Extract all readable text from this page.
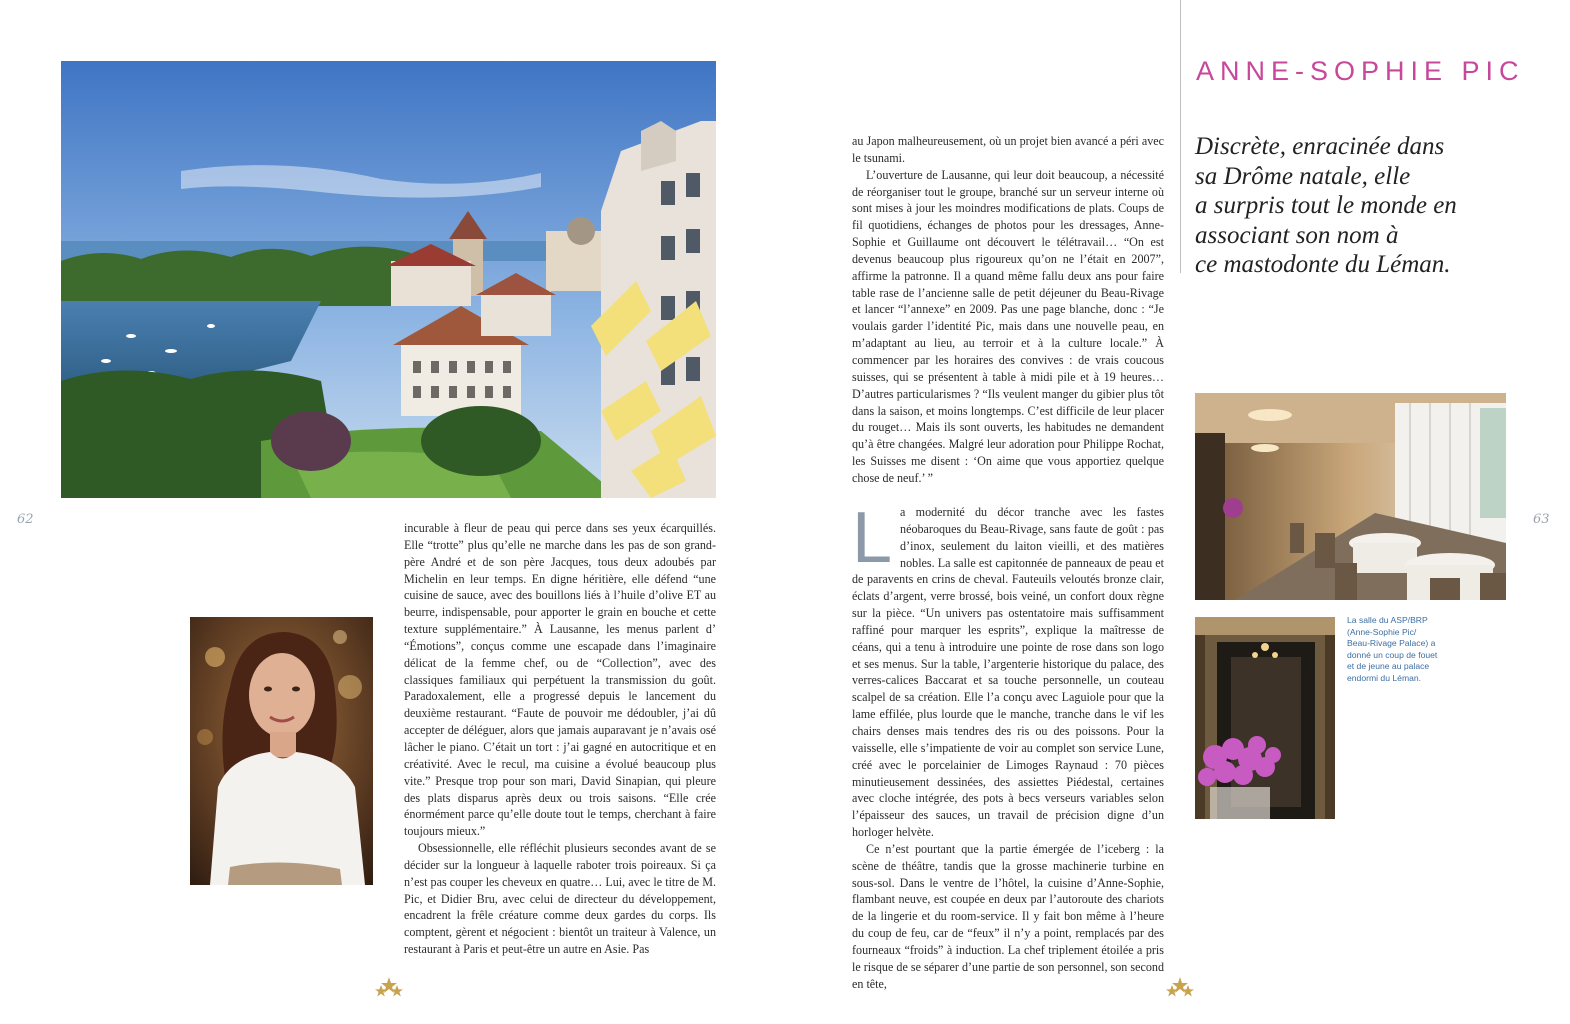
62

incurable à fleur de peau qui perce dans ses yeux écarquillés. Elle “trotte” plus qu’elle ne marche dans les pas de son grand-père André et de son père Jacques, tous deux adoubés par Michelin en leur temps. En digne héritière, elle défend “une cuisine de sauce, avec des bouillons liés à l’huile d’olive ET au beurre, indispensable, pour apporter le grain en bouche et cette texture supplémentaire.” À Lausanne, les menus parlent d’ “Émotions”, conçus comme une escapade dans l’imaginaire délicat de la femme chef, ou de “Collection”, avec des classiques familiaux qui perpétuent la transmission du goût. Paradoxalement, elle a progressé depuis le lancement du deuxième restaurant. “Faute de pouvoir me dédoubler, j’ai dû accepter de déléguer, alors que jamais auparavant je n’avais osé lâcher le piano. C’était un tort : j’ai gagné en autocritique et en créativité. Avec le recul, ma cuisine a évolué beaucoup plus vite.” Presque trop pour son mari, David Sinapian, qui pleure des plats disparus après deux ou trois saisons. “Elle crée énormément parce qu’elle doute tout le temps, cherchant à faire toujours mieux.”

Obsessionnelle, elle réfléchit plusieurs secondes avant de se décider sur la longueur à laquelle raboter trois poireaux. Si ça n’est pas couper les cheveux en quatre… Lui, avec le titre de M. Pic, et Didier Bru, avec celui de directeur du développement, encadrent la frêle créature comme deux gardes du corps. Ils comptent, gèrent et négocient : bientôt un traiteur à Valence, un restaurant à Paris et peut-être un autre en Asie. Pas

au Japon malheureusement, où un projet bien avancé a péri avec le tsunami.

L’ouverture de Lausanne, qui leur doit beaucoup, a nécessité de réorganiser tout le groupe, branché sur un serveur interne où sont mises à jour les moindres modifications de plats. Coups de fil quotidiens, échanges de photos pour les dressages, Anne-Sophie et Guillaume ont découvert le télétravail… “On est devenus beaucoup plus rigoureux qu’on ne l’était en 2007”, affirme la patronne. Il a quand même fallu deux ans pour faire table rase de l’ancienne salle de petit déjeuner du Beau-Rivage et lancer “l’annexe” en 2009. Pas une page blanche, donc : “Je voulais garder l’identité Pic, mais dans une nouvelle peau, en m’adaptant au lieu, au terroir et à la culture locale.” À commencer par les horaires des convives : de vrais coucous suisses, qui se présentent à table à midi pile et à 19 heures… D’autres particularismes ? “Ils veulent manger du gibier plus tôt dans la saison, et moins longtemps. C’est difficile de leur placer du rouget… Mais ils sont ouverts, les habitudes ne demandent qu’à être changées. Malgré leur adoration pour Philippe Rochat, les Suisses me disent : ‘On aime que vous apportiez quelque chose de neuf.’ ”

L a modernité du décor tranche avec les fastes néobaroques du Beau-Rivage, sans faute de goût : pas d’inox, seulement du laiton vieilli, et des matières nobles. La salle est capitonnée de panneaux de peau et de paravents en crins de cheval. Fauteuils veloutés bronze clair, éclats d’argent, verre brossé, bois veiné, un confort doux règne sur la pièce. “Un univers pas ostentatoire mais suffisamment raffiné pour marquer les esprits”, explique la maîtresse de céans, qui a tenu à introduire une pointe de rose dans son logo et ses menus. Sur la table, l’argenterie historique du palace, des verres-calices Baccarat et sa touche personnelle, un couteau scalpel de sa création. Elle l’a conçu avec Laguiole pour que la lame effilée, plus lourde que le manche, tranche dans le vif les chairs denses mais tendres des ris ou des poissons. Pour la vaisselle, elle s’impatiente de voir au complet son service Lune, créé avec le porcelainier de Limoges Raynaud : 70 pièces minutieusement dessinées, des assiettes Piédestal, certaines avec cloche intégrée, des pots à becs verseurs variables selon l’épaisseur des sauces, un travail de précision digne d’un horloger helvète.

Ce n’est pourtant que la partie émergée de l’iceberg : la scène de théâtre, tandis que la grosse machinerie turbine en sous-sol. Dans le ventre de l’hôtel, la cuisine d’Anne-Sophie, flambant neuve, est coupée en deux par l’autoroute des chariots de la lingerie et du room-service. Il y fait bon même à l’heure du coup de feu, car de “feux” il n’y a point, remplacés par des fourneaux “froids” à induction. La chef triplement étoilée a pris le risque de se séparer d’une partie de son personnel, son second en tête,

ANNE-SOPHIE PIC
Discrète, enracinée dans
sa Drôme natale, elle
a surpris tout le monde en
associant son nom à
ce mastodonte du Léman.
63
La salle du ASP/BRP
(Anne-Sophie Pic/
Beau-Rivage Palace) a
donné un coup de fouet
et de jeune au palace
endormi du Léman.
